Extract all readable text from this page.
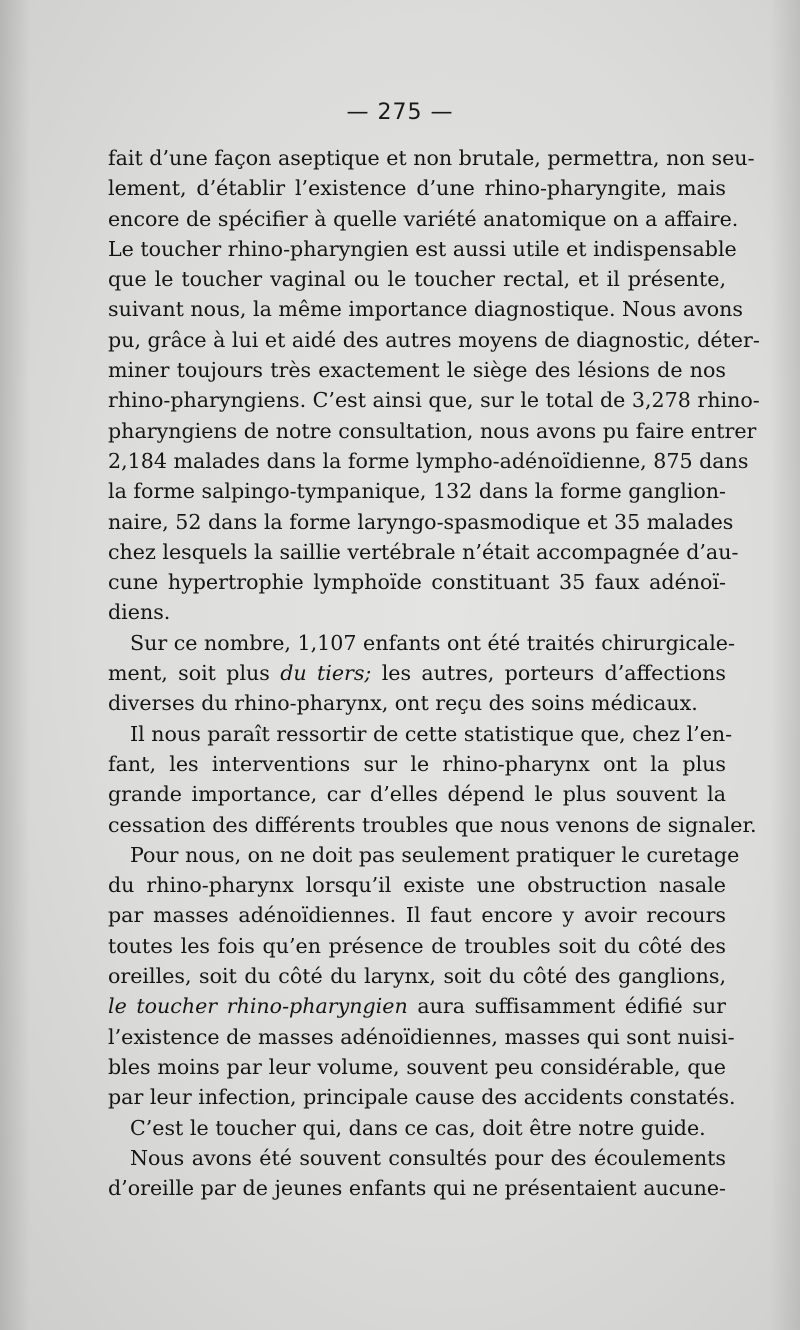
— 275 —
fait d’une façon aseptique et non brutale, permettra, non seu-
lement, d’établir l’existence d’une rhino-pharyngite, mais
encore de spécifier à quelle variété anatomique on a affaire.
Le toucher rhino-pharyngien est aussi utile et indispensable
que le toucher vaginal ou le toucher rectal, et il présente,
suivant nous, la même importance diagnostique. Nous avons
pu, grâce à lui et aidé des autres moyens de diagnostic, déter-
miner toujours très exactement le siège des lésions de nos
rhino-pharyngiens. C’est ainsi que, sur le total de 3,278 rhino-
pharyngiens de notre consultation, nous avons pu faire entrer
2,184 malades dans la forme lympho-adénoïdienne, 875 dans
la forme salpingo-tympanique, 132 dans la forme ganglion-
naire, 52 dans la forme laryngo-spasmodique et 35 malades
chez lesquels la saillie vertébrale n’était accompagnée d’au-
cune hypertrophie lymphoïde constituant 35 faux adénoï-
diens.
Sur ce nombre, 1,107 enfants ont été traités chirurgicale-
ment, soit plus du tiers; les autres, porteurs d’affections
diverses du rhino-pharynx, ont reçu des soins médicaux.
Il nous paraît ressortir de cette statistique que, chez l’en-
fant, les interventions sur le rhino-pharynx ont la plus
grande importance, car d’elles dépend le plus souvent la
cessation des différents troubles que nous venons de signaler.
Pour nous, on ne doit pas seulement pratiquer le curetage
du rhino-pharynx lorsqu’il existe une obstruction nasale
par masses adénoïdiennes. Il faut encore y avoir recours
toutes les fois qu’en présence de troubles soit du côté des
oreilles, soit du côté du larynx, soit du côté des ganglions,
le toucher rhino-pharyngien aura suffisamment édifié sur
l’existence de masses adénoïdiennes, masses qui sont nuisi-
bles moins par leur volume, souvent peu considérable, que
par leur infection, principale cause des accidents constatés.
C’est le toucher qui, dans ce cas, doit être notre guide.
Nous avons été souvent consultés pour des écoulements
d’oreille par de jeunes enfants qui ne présentaient aucune-
